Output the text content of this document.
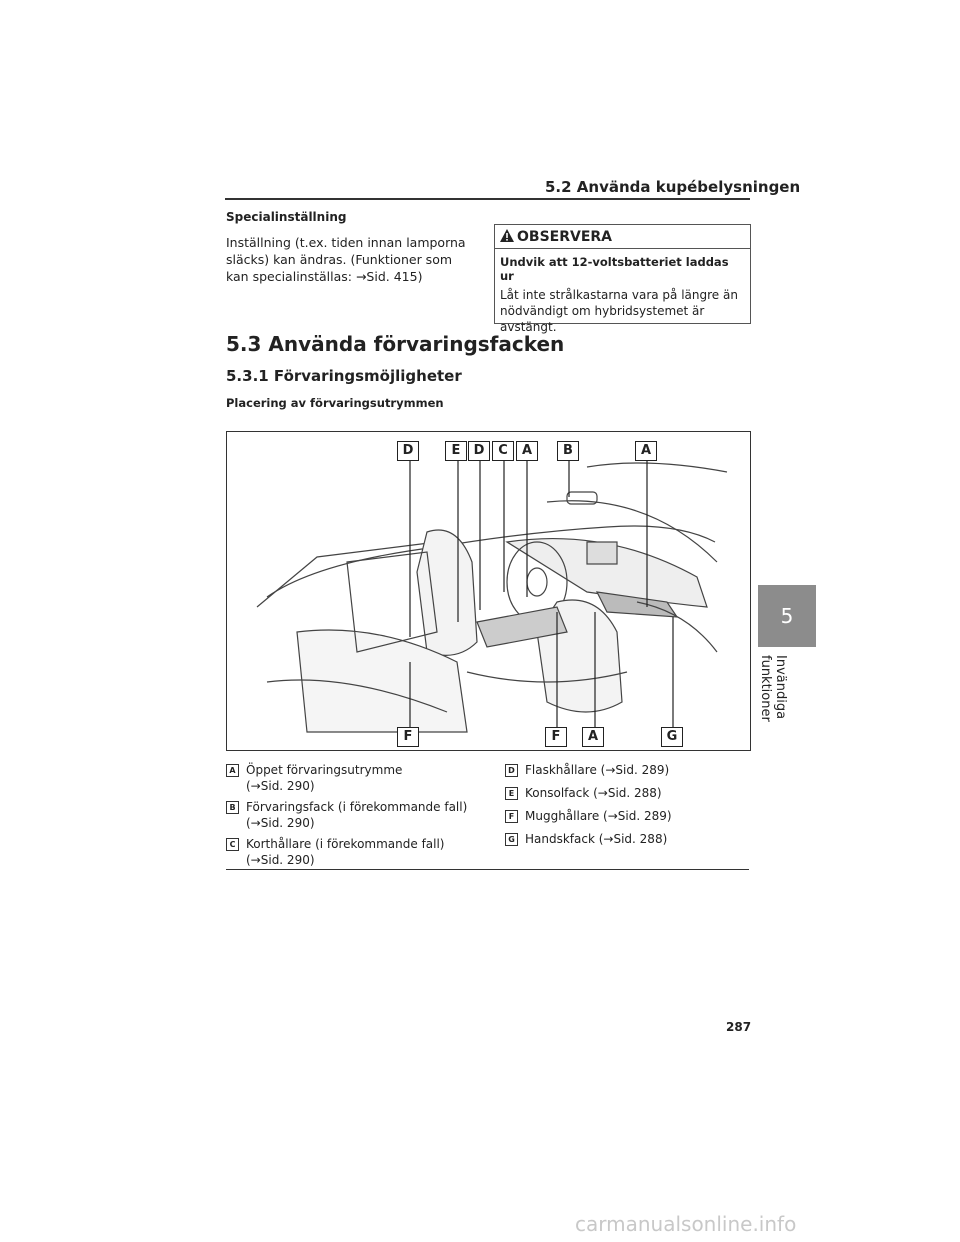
5.2 Använda kupébelysningen
5
Invändiga funktioner
Specialinställning
Inställning (t.ex. tiden innan lamporna släcks) kan ändras. (Funktioner som kan specialinställas: →Sid. 415)
OBSERVERA
Undvik att 12-voltsbatteriet laddas ur
Låt inte strålkastarna vara på längre än nödvändigt om hybridsystemet är avstängt.
5.3 Använda förvaringsfacken
5.3.1 Förvaringsmöjligheter
Placering av förvaringsutrymmen
D	E	D	C	A	B	A
F	F	A	G
A Öppet förvaringsutrymme
(→Sid. 290)
B Förvaringsfack (i förekommande fall)
(→Sid. 290)
C Korthållare (i förekommande fall)
(→Sid. 290)
D Flaskhållare (→Sid. 289)
E Konsolfack (→Sid. 288)
F Mugghållare (→Sid. 289)
G Handskfack (→Sid. 288)
287
carmanualsonline.info
